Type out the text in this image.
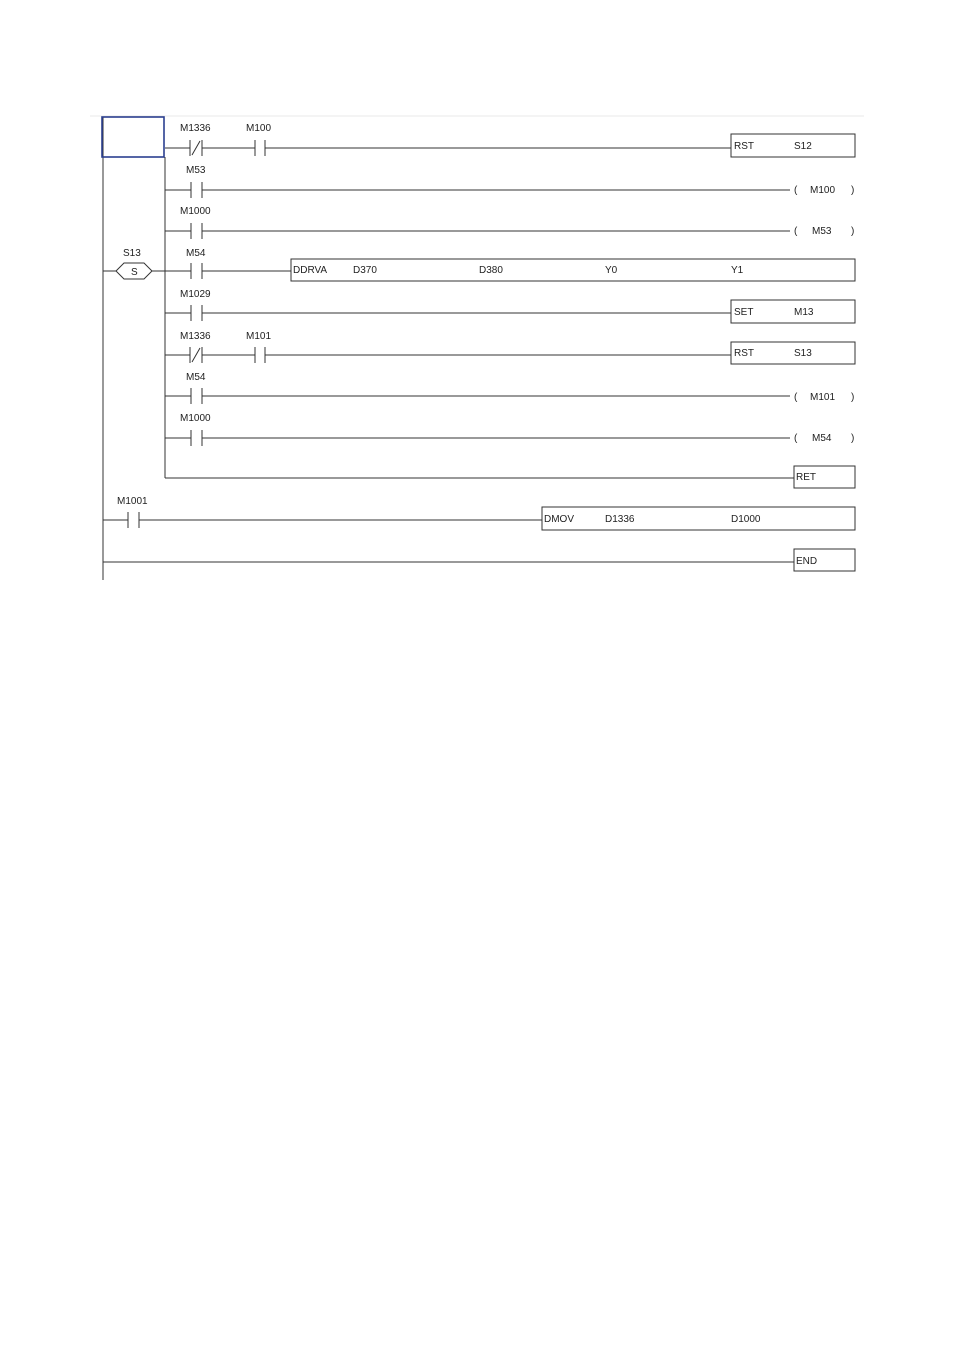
S13
S
M1336	M100
RST	S12
M53
( M100 )
M1000
( M53 )
M54
DDRVA	D370	D380	Y0	Y1
M1029
SET	M13
M1336	M101
RST	S13
M54
( M101 )
M1000
( M54 )
RET
M1001
DMOV	D1336	D1000
END
